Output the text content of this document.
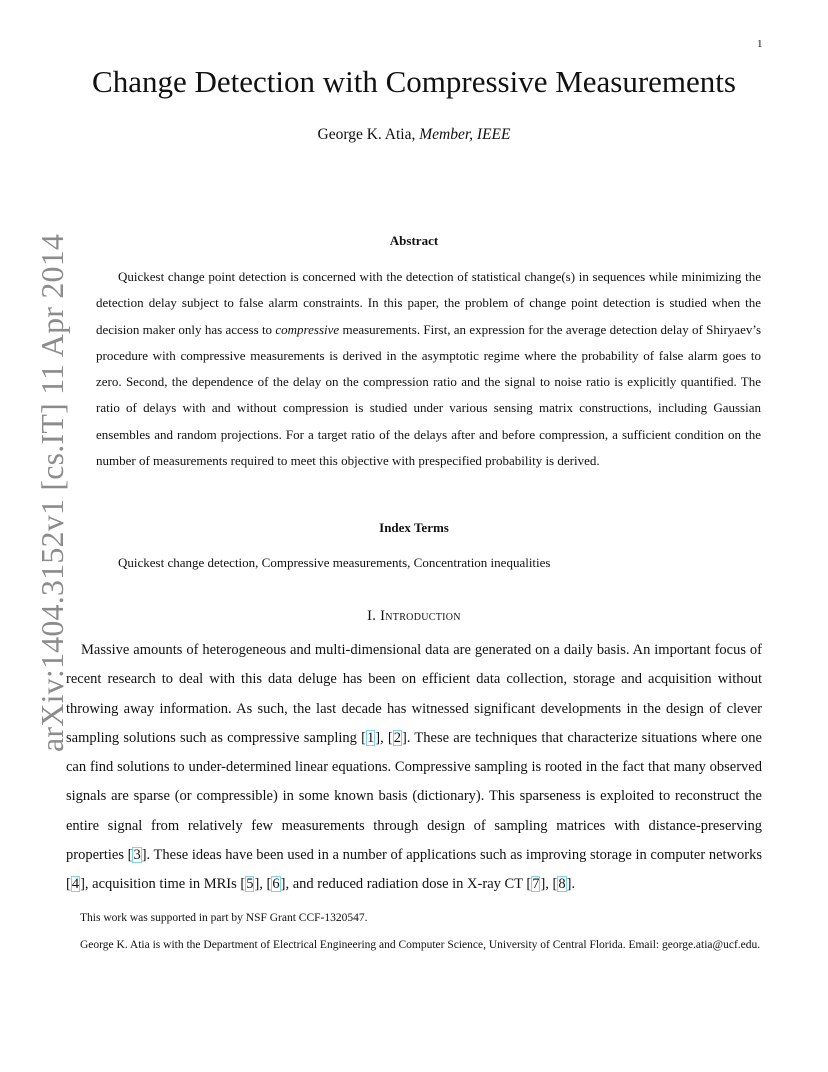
1
arXiv:1404.3152v1 [cs.IT] 11 Apr 2014
Change Detection with Compressive Measurements
George K. Atia, Member, IEEE
Abstract

Quickest change point detection is concerned with the detection of statistical change(s) in sequences while minimizing the detection delay subject to false alarm constraints. In this paper, the problem of change point detection is studied when the decision maker only has access to compressive measurements. First, an expression for the average detection delay of Shiryaev’s procedure with compressive measurements is derived in the asymptotic regime where the probability of false alarm goes to zero. Second, the dependence of the delay on the compression ratio and the signal to noise ratio is explicitly quantified. The ratio of delays with and without compression is studied under various sensing matrix constructions, including Gaussian ensembles and random projections. For a target ratio of the delays after and before compression, a sufficient condition on the number of measurements required to meet this objective with prespecified probability is derived.

Index Terms
Quickest change detection, Compressive measurements, Concentration inequalities
I. Introduction

Massive amounts of heterogeneous and multi-dimensional data are generated on a daily basis. An important focus of recent research to deal with this data deluge has been on efficient data collection, storage and acquisition without throwing away information. As such, the last decade has witnessed significant developments in the design of clever sampling solutions such as compressive sampling [1], [2]. These are techniques that characterize situations where one can find solutions to under-determined linear equations. Compressive sampling is rooted in the fact that many observed signals are sparse (or compressible) in some known basis (dictionary). This sparseness is exploited to reconstruct the entire signal from relatively few measurements through design of sampling matrices with distance-preserving properties [3]. These ideas have been used in a number of applications such as improving storage in computer networks [4], acquisition time in MRIs [5], [6], and reduced radiation dose in X-ray CT [7], [8].

This work was supported in part by NSF Grant CCF-1320547.

George K. Atia is with the Department of Electrical Engineering and Computer Science, University of Central Florida. Email: george.atia@ucf.edu.
